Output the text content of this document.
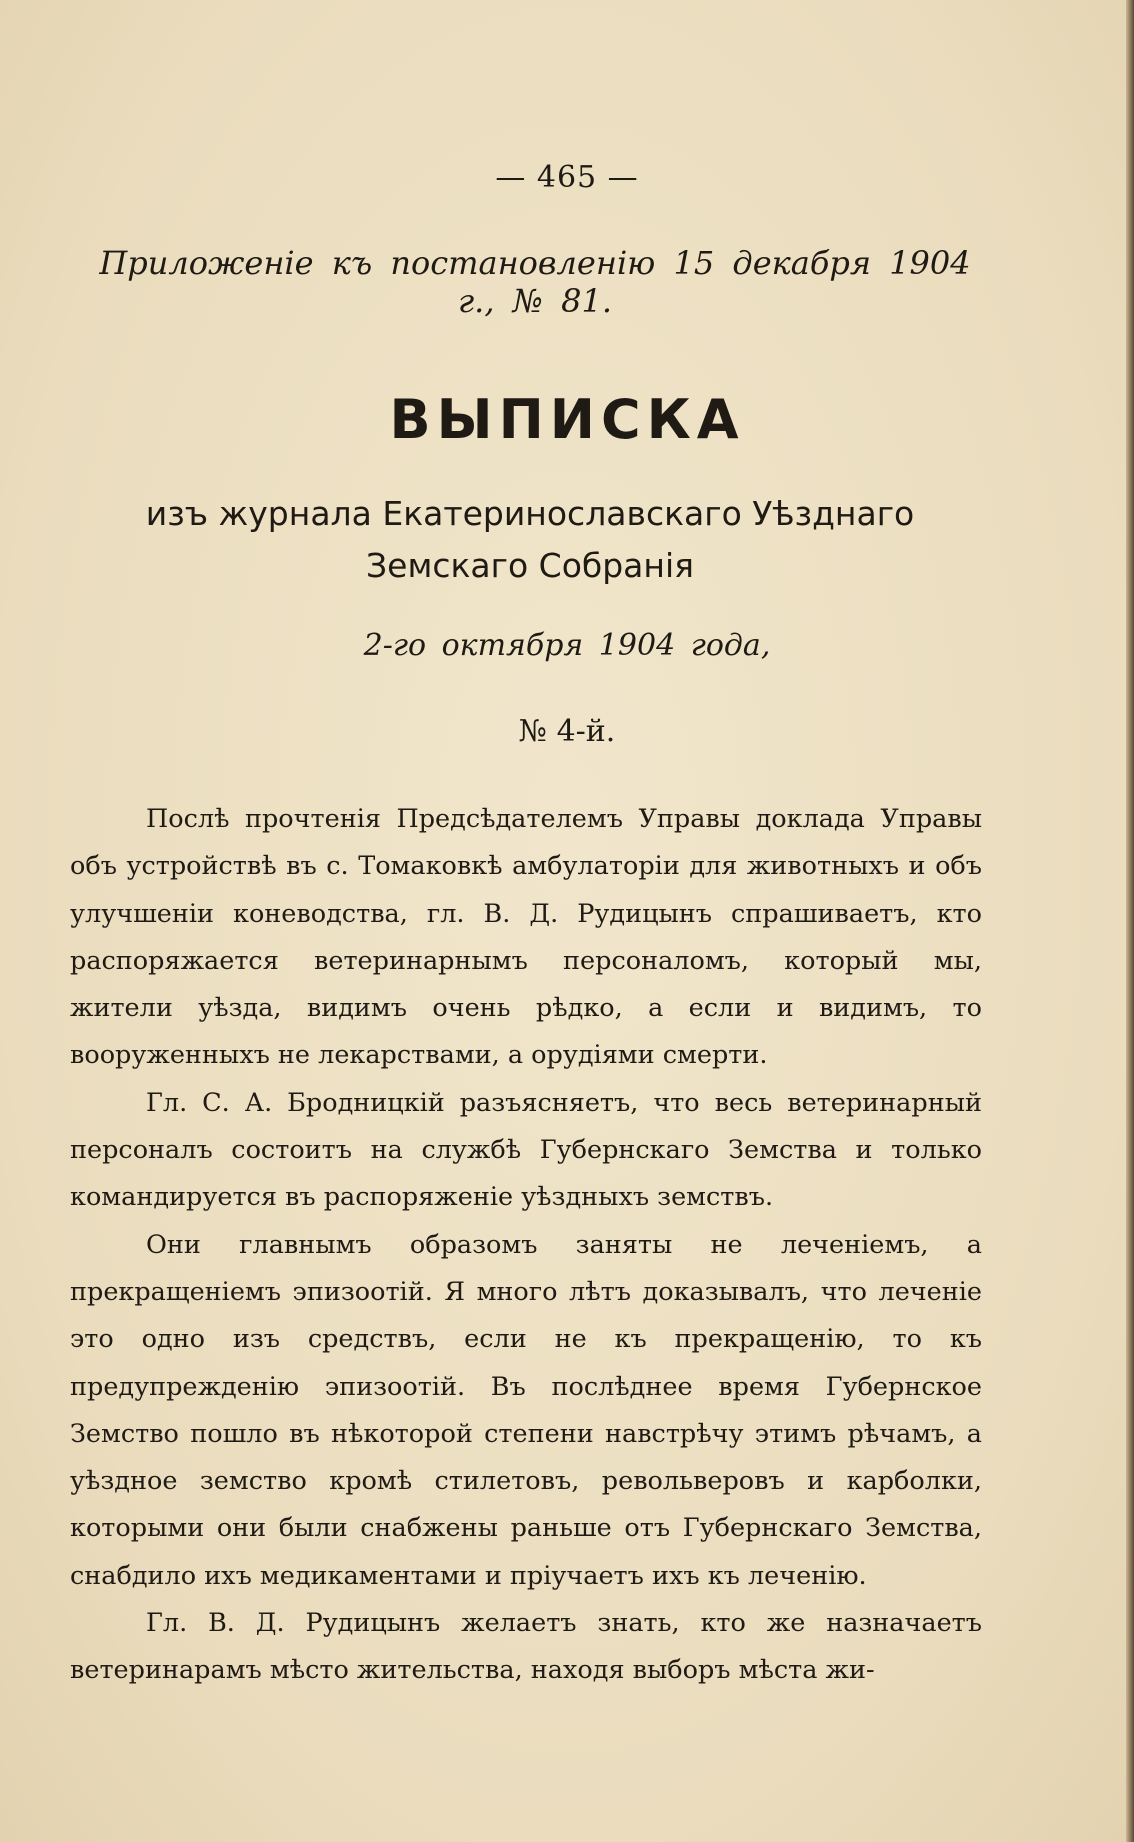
— 465 —
Приложеніе къ постановленію 15 декабря 1904 г., № 81.
ВЫПИСКА
изъ журнала Екатеринославскаго Уѣзднаго Земскаго Собранія
2-го октября 1904 года,
№ 4-й.

Послѣ прочтенія Предсѣдателемъ Управы доклада Управы объ устройствѣ въ с. Томаковкѣ амбулаторіи для животныхъ и объ улучшеніи коневодства, гл. В. Д. Рудицынъ спрашиваетъ, кто распоряжается ветеринарнымъ персоналомъ, который мы, жители уѣзда, видимъ очень рѣдко, а если и видимъ, то вооруженныхъ не лекарствами, а орудіями смерти.

Гл. С. А. Бродницкій разъясняетъ, что весь ветеринарный персоналъ состоитъ на службѣ Губернскаго Земства и только командируется въ распоряженіе уѣздныхъ земствъ.

Они главнымъ образомъ заняты не леченіемъ, а прекращеніемъ эпизоотій. Я много лѣтъ доказывалъ, что леченіе это одно изъ средствъ, если не къ прекращенію, то къ предупрежденію эпизоотій. Въ послѣднее время Губернское Земство пошло въ нѣкоторой степени навстрѣчу этимъ рѣчамъ, а уѣздное земство кромѣ стилетовъ, револьверовъ и карболки, которыми они были снабжены раньше отъ Губернскаго Земства, снабдило ихъ медикаментами и пріучаетъ ихъ къ леченію.

Гл. В. Д. Рудицынъ желаетъ знать, кто же назначаетъ ветеринарамъ мѣсто жительства, находя выборъ мѣста жи-
